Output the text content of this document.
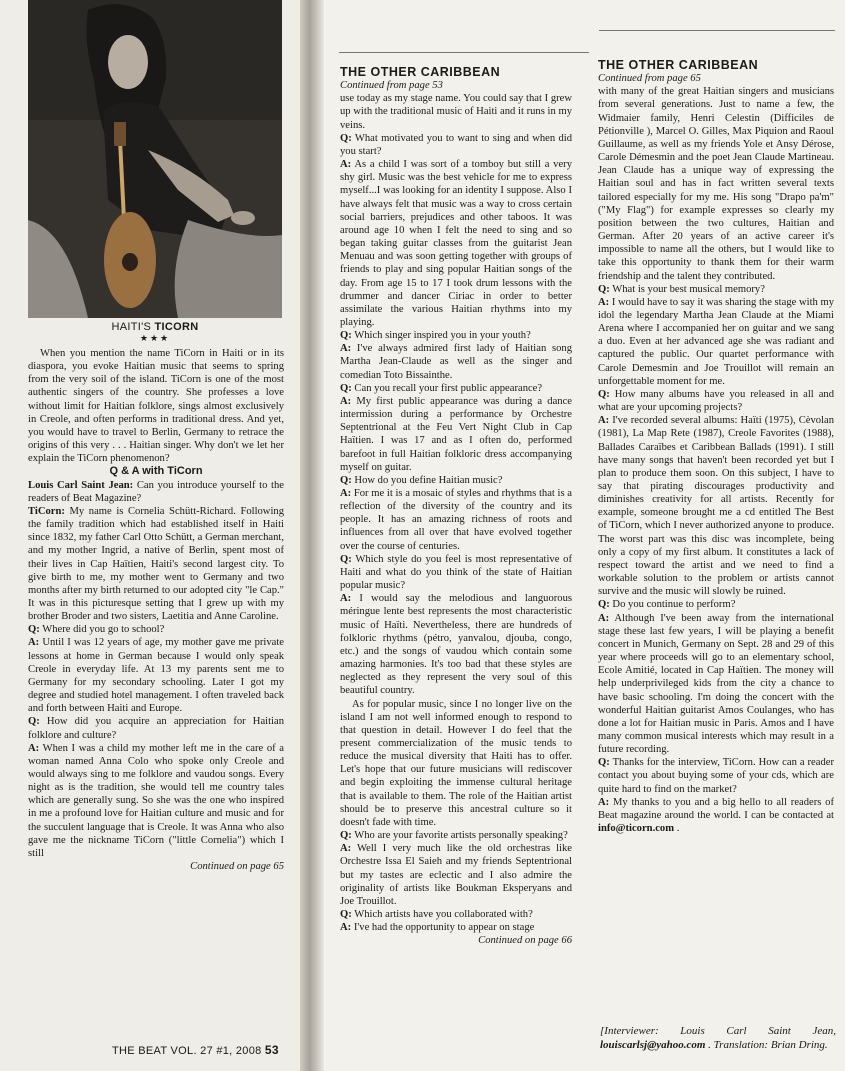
HAITI'S TICORN
★★★

When you mention the name TiCorn in Haiti or in its diaspora, you evoke Haitian music that seems to spring from the very soil of the island. TiCorn is one of the most authentic singers of the country. She professes a love without limit for Haitian folklore, sings almost exclusively in Creole, and often performs in traditional dress. And yet, you would have to travel to Berlin, Germany to retrace the origins of this very . . . Haitian singer. Why don't we let her explain the TiCorn phenomenon?

Q & A with TiCorn

Louis Carl Saint Jean: Can you introduce yourself to the readers of Beat Magazine?

TiCorn: My name is Cornelia Schütt-Richard. Following the family tradition which had established itself in Haiti since 1832, my father Carl Otto Schütt, a German merchant, and my mother Ingrid, a native of Berlin, spent most of their lives in Cap Haïtien, Haiti's second largest city. To give birth to me, my mother went to Germany and two months after my birth returned to our adopted city "le Cap." It was in this picturesque setting that I grew up with my brother Broder and two sisters, Laetitia and Anne Caroline.

Q: Where did you go to school?

A: Until I was 12 years of age, my mother gave me private lessons at home in German because I would only speak Creole in everyday life. At 13 my parents sent me to Germany for my secondary schooling. Later I got my degree and studied hotel management. I often traveled back and forth between Haiti and Europe.

Q: How did you acquire an appreciation for Haitian folklore and culture?

A: When I was a child my mother left me in the care of a woman named Anna Colo who spoke only Creole and would always sing to me folklore and vaudou songs. Every night as is the tradition, she would tell me country tales which are generally sung. So she was the one who inspired in me a profound love for Haitian culture and music and for the succulent language that is Creole. It was Anna who also gave me the nickname TiCorn ("little Cornelia") which I still

Continued on page 65

THE BEAT VOL. 27 #1, 2008 53

THE OTHER CARIBBEAN

Continued from page 53

use today as my stage name. You could say that I grew up with the traditional music of Haiti and it runs in my veins.

Q: What motivated you to want to sing and when did you start?

A: As a child I was sort of a tomboy but still a very shy girl. Music was the best vehicle for me to express myself...I was looking for an identity I suppose. Also I have always felt that music was a way to cross certain social barriers, prejudices and other taboos. It was around age 10 when I felt the need to sing and so began taking guitar classes from the guitarist Jean Menuau and was soon getting together with groups of friends to play and sing popular Haitian songs of the day. From age 15 to 17 I took drum lessons with the drummer and dancer Ciriac in order to better assimilate the various Haitian rhythms into my playing.

Q: Which singer inspired you in your youth?

A: I've always admired first lady of Haitian song Martha Jean-Claude as well as the singer and comedian Toto Bissainthe.

Q: Can you recall your first public appearance?

A: My first public appearance was during a dance intermission during a performance by Orchestre Septentrional at the Feu Vert Night Club in Cap Haïtien. I was 17 and as I often do, performed barefoot in full Haitian folkloric dress accompanying myself on guitar.

Q: How do you define Haitian music?

A: For me it is a mosaic of styles and rhythms that is a reflection of the diversity of the country and its people. It has an amazing richness of roots and influences from all over that have evolved together over the course of centuries.

Q: Which style do you feel is most representative of Haiti and what do you think of the state of Haitian popular music?

A: I would say the melodious and languorous méringue lente best represents the most characteristic music of Haïti. Nevertheless, there are hundreds of folkloric rhythms (pétro, yanvalou, djouba, congo, etc.) and the songs of vaudou which contain some amazing harmonies. It's too bad that these styles are neglected as they represent the very soul of this beautiful country.

As for popular music, since I no longer live on the island I am not well informed enough to respond to that question in detail. However I do feel that the present commercialization of the music tends to reduce the musical diversity that Haiti has to offer. Let's hope that our future musicians will rediscover and begin exploiting the immense cultural heritage that is available to them. The role of the Haitian artist should be to preserve this ancestral culture so it doesn't fade with time.

Q: Who are your favorite artists personally speaking?

A: Well I very much like the old orchestras like Orchestre Issa El Saieh and my friends Septentrional but my tastes are eclectic and I also admire the originality of artists like Boukman Eksperyans and Joe Trouillot.

Q: Which artists have you collaborated with?

A: I've had the opportunity to appear on stage

Continued on page 66

THE OTHER CARIBBEAN

Continued from page 65

with many of the great Haitian singers and musicians from several generations. Just to name a few, the Widmaier family, Henri Celestin (Difficiles de Pétionville ), Marcel O. Gilles, Max Piquion and Raoul Guillaume, as well as my friends Yole et Ansy Dérose, Carole Démesmin and the poet Jean Claude Martineau. Jean Claude has a unique way of expressing the Haitian soul and has in fact written several texts tailored especially for my me. His song "Drapo pa'm" ("My Flag") for example expresses so clearly my position between the two cultures, Haitian and German. After 20 years of an active career it's impossible to name all the others, but I would like to take this opportunity to thank them for their warm friendship and the talent they contributed.

Q: What is your best musical memory?

A: I would have to say it was sharing the stage with my idol the legendary Martha Jean Claude at the Miami Arena where I accompanied her on guitar and we sang a duo. Even at her advanced age she was radiant and captured the public. Our quartet performance with Carole Demesmin and Joe Trouillot will remain an unforgettable moment for me.

Q: How many albums have you released in all and what are your upcoming projects?

A: I've recorded several albums: Haïti (1975), Cèvolan (1981), La Map Rete (1987), Creole Favorites (1988), Ballades Caraïbes et Caribbean Ballads (1991). I still have many songs that haven't been recorded yet but I plan to produce them soon. On this subject, I have to say that pirating discourages productivity and diminishes creativity for all artists. Recently for example, someone brought me a cd entitled The Best of TiCorn, which I never authorized anyone to produce. The worst part was this disc was incomplete, being only a copy of my first album. It constitutes a lack of respect toward the artist and we need to find a workable solution to the problem or artists cannot survive and the music will slowly be ruined.

Q: Do you continue to perform?

A: Although I've been away from the international stage these last few years, I will be playing a benefit concert in Munich, Germany on Sept. 28 and 29 of this year where proceeds will go to an elementary school, Ecole Amitié, located in Cap Haïtien. The money will help underprivileged kids from the city a chance to have basic schooling. I'm doing the concert with the wonderful Haitian guitarist Amos Coulanges, who has done a lot for Haitian music in Paris. Amos and I have many common musical interests which may result in a future recording.

Q: Thanks for the interview, TiCorn. How can a reader contact you about buying some of your cds, which are quite hard to find on the market?

A: My thanks to you and a big hello to all readers of Beat magazine around the world. I can be contacted at info@ticorn.com .

[Interviewer: Louis Carl Saint Jean, louiscarlsj@yahoo.com . Translation: Brian Dring.
